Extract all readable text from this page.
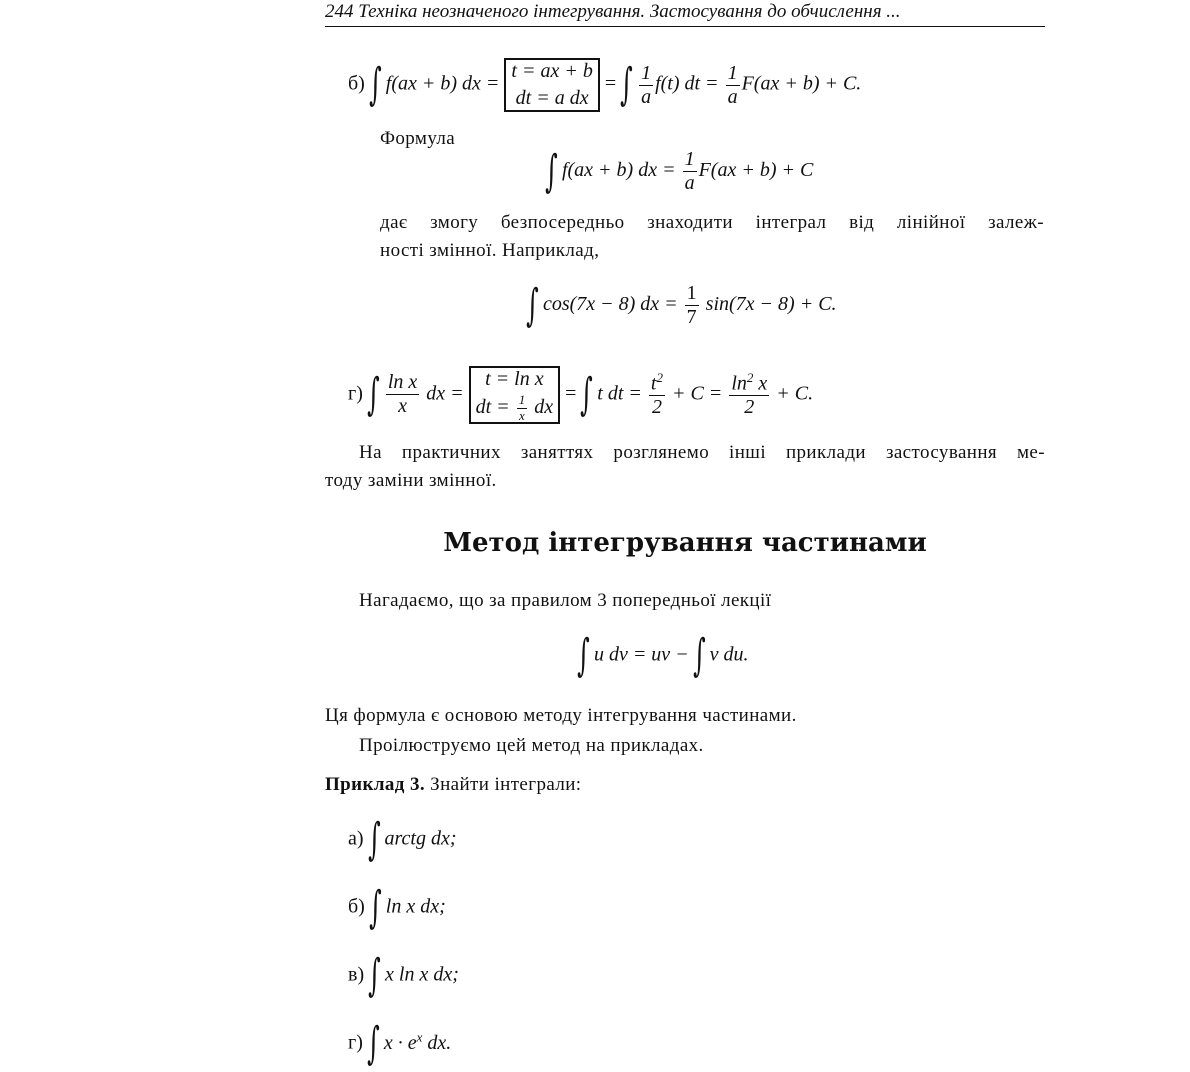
244 Техніка неозначеного інтегрування. Застосування до обчислення ...
б) ∫ f(ax + b) dx =
t = ax + b
dt = a dx
= ∫ $\frac{1}{a} f(t)$ dt = $\frac{1}{a} F(ax + b) + C$.
Формула
∫ f(ax + b) dx = $\frac{1}{a} F(ax + b) + C$
дає змогу безпосередньо знаходити інтеграл від лінійної залеж-
ності змінної. Наприклад,
∫ cos(7x − 8) dx = $\frac{1}{7} \sin(7x - 8) + C$.
г) ∫ $\frac{\text{ln x}}{x}$ dx =
t = ln x
dt = $\frac{1}{x}$ dx
= ∫ t dt = $\frac{t^2}{2} + C = \frac{\ln^2 x}{2} + C$.
На практичних заняттях розглянемо інші приклади застосування ме-
тоду заміни змінної.
Метод інтегрування частинами
Нагадаємо, що за правилом 3 попередньої лекції
∫ u dv = uv − ∫ v du.
Ця формула є основою методу інтегрування частинами.
Проілюструємо цей метод на прикладах.
Приклад 3. Знайти інтеграли:
а) ∫ arctg dx;
б) ∫ ln x dx;
в) ∫ x ln x dx;
г) ∫ $x \cdot e^x$ dx.
